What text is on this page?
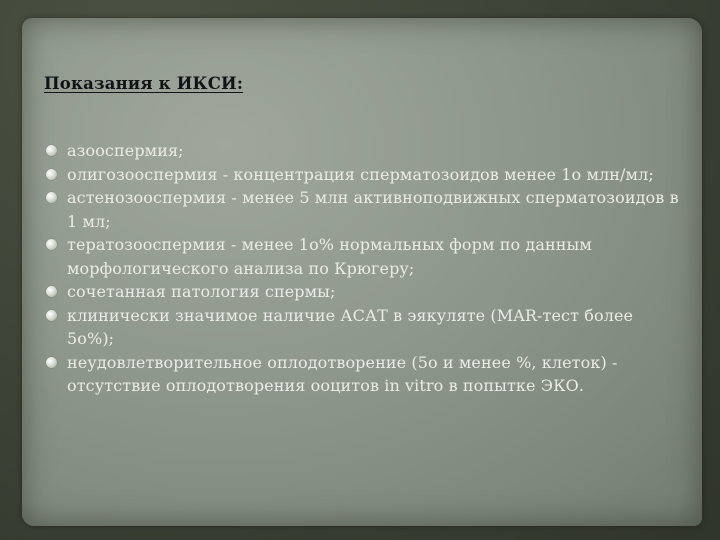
Показания к ИКСИ:
азооспермия;
олигозооспермия - концентрация сперматозоидов менее 1о млн/мл;
астенозооспермия - менее 5 млн активноподвижных сперматозоидов в 1 мл;
тератозооспермия - менее 1о% нормальных форм по данным морфологического анализа по Крюгеру;
сочетанная патология спермы;
клинически значимое наличие АСАТ в эякуляте (MAR-тест более 5о%);
неудовлетворительное оплодотворение (5о и менее %, клеток) - отсутствие оплодотворения ооцитов in vitro в попытке ЭКО.
